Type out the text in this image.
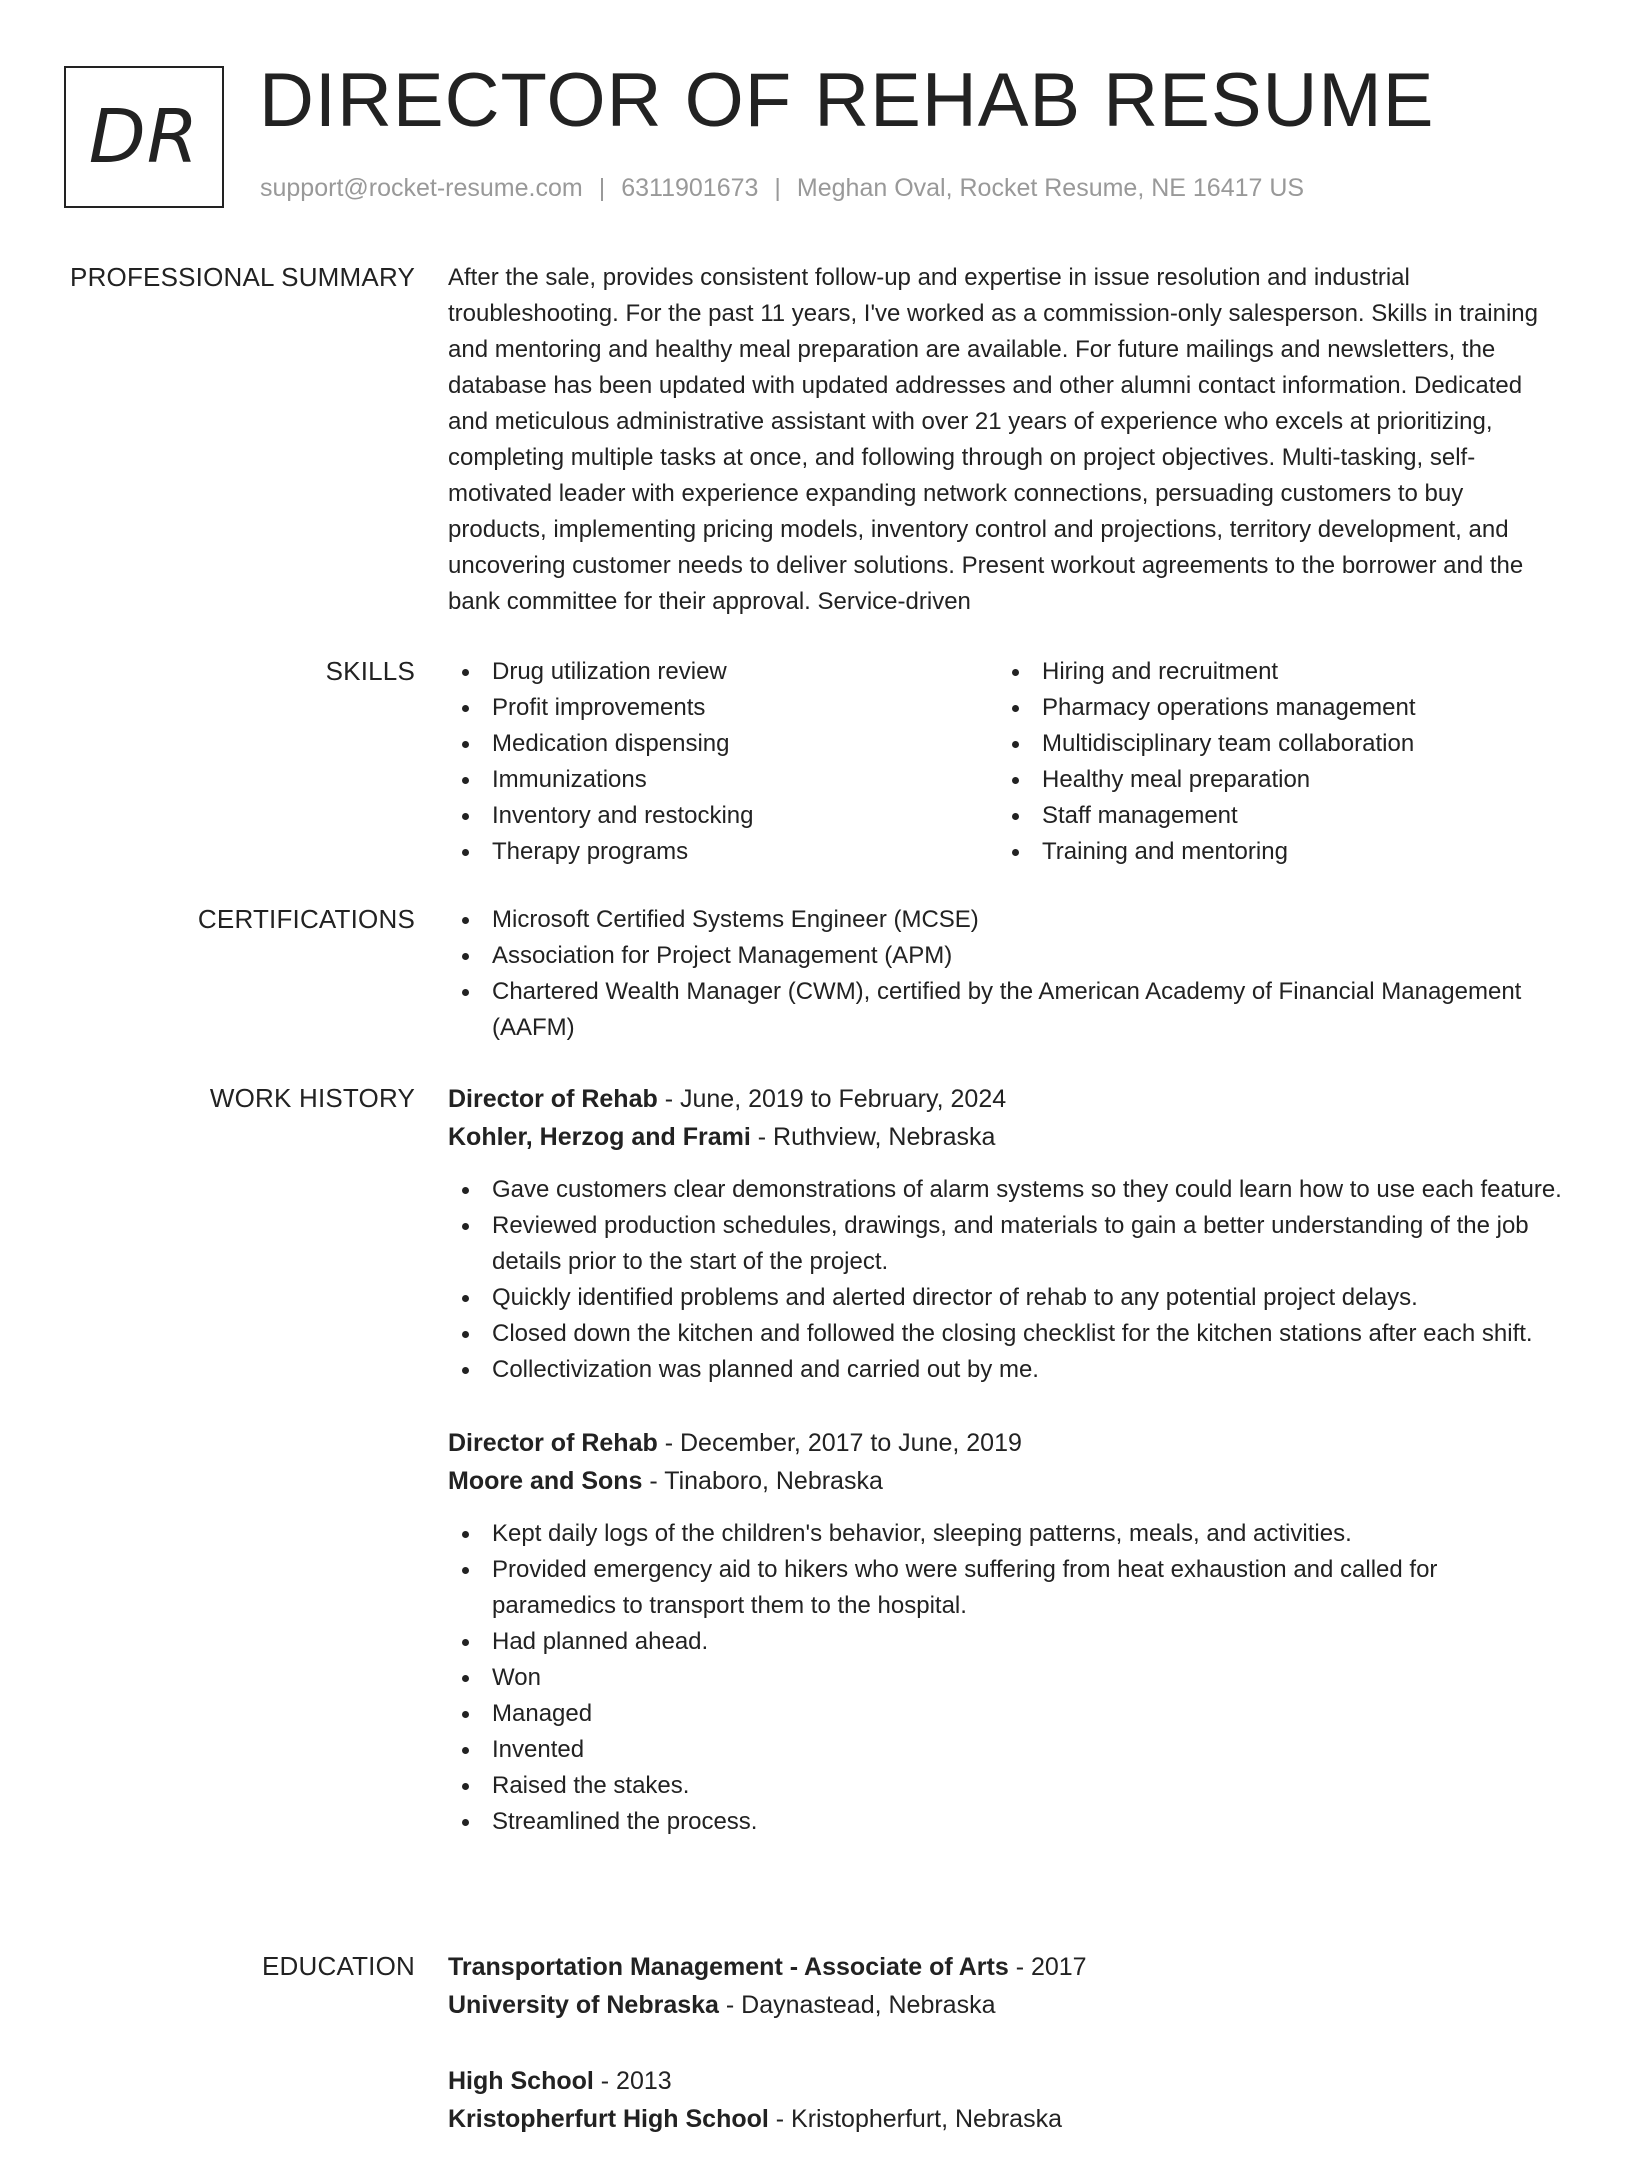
DR DIRECTOR OF REHAB RESUME
support@rocket-resume.com | 6311901673 | Meghan Oval, Rocket Resume, NE 16417 US
PROFESSIONAL SUMMARY After the sale, provides consistent follow-up and expertise in issue resolution and industrial troubleshooting. For the past 11 years, I've worked as a commission-only salesperson. Skills in training and mentoring and healthy meal preparation are available. For future mailings and newsletters, the database has been updated with updated addresses and other alumni contact information. Dedicated and meticulous administrative assistant with over 21 years of experience who excels at prioritizing, completing multiple tasks at once, and following through on project objectives. Multi-tasking, self-motivated leader with experience expanding network connections, persuading customers to buy products, implementing pricing models, inventory control and projections, territory development, and uncovering customer needs to deliver solutions. Present workout agreements to the borrower and the bank committee for their approval. Service-driven
SKILLS	Drug utilization review
Profit improvements
Medication dispensing
Immunizations
Inventory and restocking
Therapy programs
Hiring and recruitment
Pharmacy operations management
Multidisciplinary team collaboration
Healthy meal preparation
Staff management
Training and mentoring
CERTIFICATIONS	Microsoft Certified Systems Engineer (MCSE)
Association for Project Management (APM)
Chartered Wealth Manager (CWM), certified by the American Academy of Financial Management (AAFM)
WORK HISTORY Director of Rehab - June, 2019 to February, 2024
Kohler, Herzog and Frami - Ruthview, Nebraska
Gave customers clear demonstrations of alarm systems so they could learn how to use each feature.
Reviewed production schedules, drawings, and materials to gain a better understanding of the job details prior to the start of the project.
Quickly identified problems and alerted director of rehab to any potential project delays.
Closed down the kitchen and followed the closing checklist for the kitchen stations after each shift.
Collectivization was planned and carried out by me.
Director of Rehab - December, 2017 to June, 2019
Moore and Sons - Tinaboro, Nebraska
Kept daily logs of the children's behavior, sleeping patterns, meals, and activities.
Provided emergency aid to hikers who were suffering from heat exhaustion and called for paramedics to transport them to the hospital.
Had planned ahead.
Won
Managed
Invented
Raised the stakes.
Streamlined the process.
EDUCATION Transportation Management - Associate of Arts - 2017
University of Nebraska - Daynastead, Nebraska
High School - 2013
Kristopherfurt High School - Kristopherfurt, Nebraska
